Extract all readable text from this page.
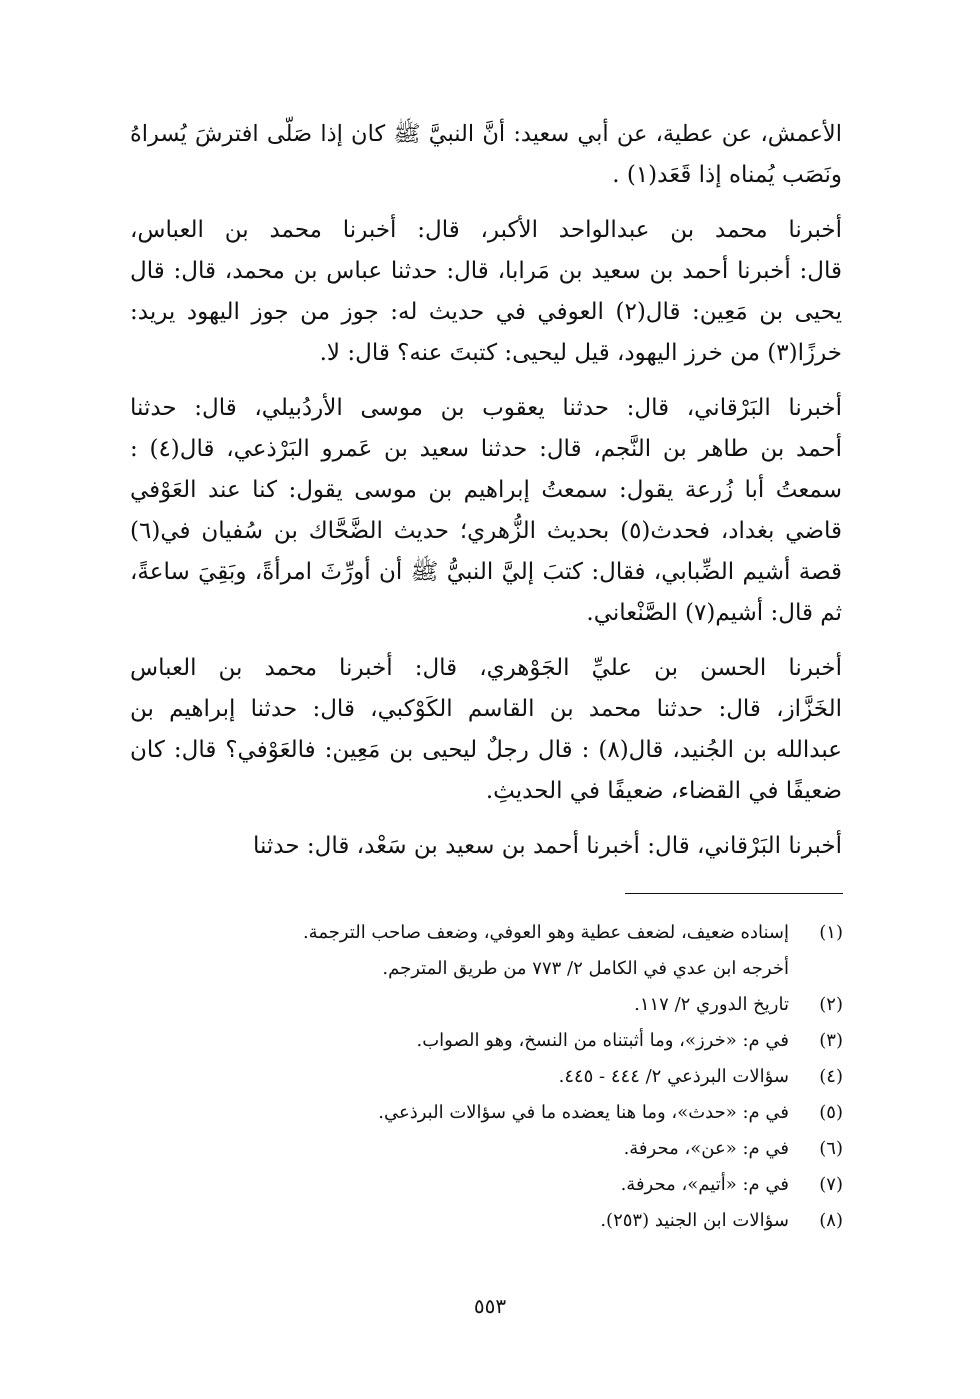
الأعمش، عن عطية، عن أبي سعيد: أنَّ النبيَّ ﷺ كان إذا صَلّى افترشَ يُسراهُ
ونَصَب يُمناه إذا قَعَد(١) .
أخبرنا محمد بن عبدالواحد الأكبر، قال: أخبرنا محمد بن العباس،
قال: أخبرنا أحمد بن سعيد بن مَرابا، قال: حدثنا عباس بن محمد، قال: قال
يحيى بن مَعِين: قال(٢) العوفي في حديث له: جوز من جوز اليهود يريد:
خرزًا(٣) من خرز اليهود، قيل ليحيى: كتبتَ عنه؟ قال: لا.
أخبرنا البَرْقاني، قال: حدثنا يعقوب بن موسى الأردُبيلي، قال: حدثنا
أحمد بن طاهر بن النَّجم، قال: حدثنا سعيد بن عَمرو البَرْذعي، قال(٤) :
سمعتُ أبا زُرعة يقول: سمعتُ إبراهيم بن موسى يقول: كنا عند العَوْفي
قاضي بغداد، فحدث(٥) بحديث الزُّهري؛ حديث الضَّحَّاك بن سُفيان في(٦)
قصة أشيم الضِّبابي، فقال: كتبَ إليَّ النبيُّ ﷺ أن أورِّثَ امرأةً، وبَقِيَ ساعةً،
ثم قال: أشيم(٧) الصَّنْعاني.
أخبرنا الحسن بن عليِّ الجَوْهري، قال: أخبرنا محمد بن العباس
الخَزَّاز، قال: حدثنا محمد بن القاسم الكَوْكبي، قال: حدثنا إبراهيم بن
عبدالله بن الجُنيد، قال(٨) : قال رجلٌ ليحيى بن مَعِين: فالعَوْفي؟ قال: كان
ضعيفًا في القضاء، ضعيفًا في الحديثِ.
أخبرنا البَرْقاني، قال: أخبرنا أحمد بن سعيد بن سَعْد، قال: حدثنا
(١)
إسناده ضعيف، لضعف عطية وهو العوفي، وضعف صاحب الترجمة.
أخرجه ابن عدي في الكامل ٢/ ٧٧٣ من طريق المترجم.
(٢)
تاريخ الدوري ٢/ ١١٧.
(٣)
في م: «خرز»، وما أثبتناه من النسخ، وهو الصواب.
(٤)
سؤالات البرذعي ٢/ ٤٤٤ - ٤٤٥.
(٥)
في م: «حدث»، وما هنا يعضده ما في سؤالات البرذعي.
(٦)
في م: «عن»، محرفة.
(٧)
في م: «أتيم»، محرفة.
(٨)
سؤالات ابن الجنيد (٢٥٣).
٥٥٣
